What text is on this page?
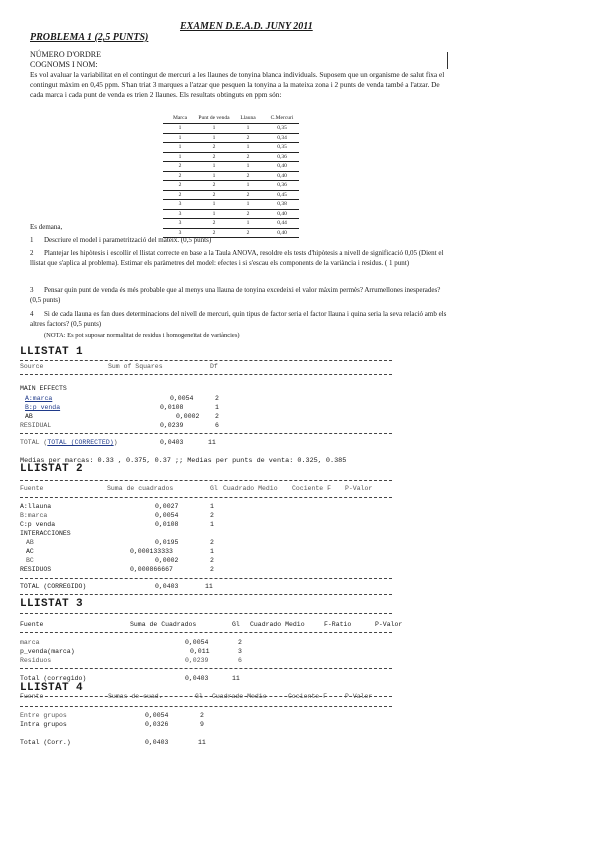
EXAMEN D.E.A.D. JUNY 2011
PROBLEMA 1 (2,5 PUNTS)
NÚMERO D'ORDRE
COGNOMS I NOM:
Es vol avaluar la variabilitat en el contingut de mercuri a les llaunes de tonyina blanca individuals. Suposem que un organisme de salut fixa el contingut màxim en 0,45 ppm. S'han triat 3 marques a l'atzar que pesquen la tonyina a la mateixa zona i 2 punts de venda també a l'atzar. De cada marca i cada punt de venda es trien 2 llaunes. Els resultats obtinguts en ppm són:
Marca	Punt de venda	Llauna	C.Mercuri
1	1	1	0,35
1	1	2	0,34
1	2	1	0,35
1	2	2	0,36
2	1	1	0,40
2	1	2	0,40
2	2	1	0,36
2	2	2	0,45
3	1	1	0,38
3	1	2	0,40
3	2	1	0,44
3	2	2	0,40
Es demana,
1 Descriure el model i parametrització del mateix. (0,5 punts)
2 Plantejar les hipòtesis i escollir el llistat correcte en base a la Taula ANOVA, resoldre els tests d'hipòtesis a nivell de significació 0,05 (Dient el llistat que s'aplica al problema). Estimar els paràmetres del model: efectes i si s'escau els components de la variància i residus. ( 1 punt)
3 Pensar quin punt de venda és més probable que al menys una llauna de tonyina excedeixi el valor màxim permès? Arrumellones inesperades? (0,5 punts)
4 Si de cada llauna es fan dues determinacions del nivell de mercuri, quin tipus de factor seria el factor llauna i quina seria la seva relació amb els altres factors? (0,5 punts)
(NOTA: Es pot suposar normalitat de residus i homogeneïtat de variàncies)
LLISTAT 1
Source	Sum of Squares	Df
MAIN EFFECTS
A:marca	0,0054	2
B:p venda	0,0108	1
AB	0,0002 2
RESIDUAL	0,0239	6
TOTAL (TOTAL (CORRECTED))	0,0403	11
Medias per marcas: 0.33 , 0.375, 0.37 ;; Medias per punts de venta: 0.325, 0.385
LLISTAT 2
Fuente	Suma de cuadrados	Gl Cuadrado Medio Cociente F P-Valor
A:llauna	0,0027	1
B:marca	0,0054	2
C:p venda	0,0108	1
INTERACCIONES
AB	0,0195	2
AC	0,000133333	1
BC	0,0002	2
RESIDUOS	0,000866667	2
TOTAL (CORREGIDO)	0,0403	11
LLISTAT 3
Fuente	Suma de Cuadrados	Gl Cuadrado Medio	F-Ratio	P-Valor
marca	0,0054	2
p_venda(marca)	0,011	3
Residuos	0,0239	6
Total (corregido)	0,0403	11
LLISTAT 4
Fuente	Sumas de cuad.	Gl Cuadrado Medio	Cociente F	P-Valor
Entre grupos	0,0054	2
Intra grupos	0,0326	9
Total (Corr.)	0,0403	11
